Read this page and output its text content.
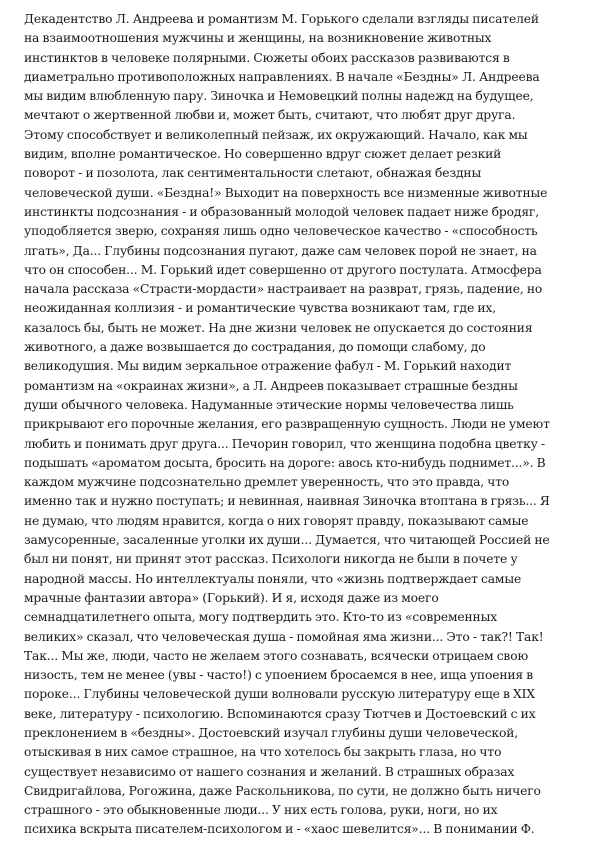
Декадентство Л. Андреева и романтизм М. Горького сделали взгляды писателей
на взаимоотношения мужчины и женщины, на возникновение животных
инстинктов в человеке полярными. Сюжеты обоих рассказов развиваются в
диаметрально противоположных направлениях. В начале «Бездны» Л. Андреева
мы видим влюбленную пару. Зиночка и Немовецкий полны надежд на будущее,
мечтают о жертвенной любви и, может быть, считают, что любят друг друга.
Этому способствует и великолепный пейзаж, их окружающий. Начало, как мы
видим, вполне романтическое. Но совершенно вдруг сюжет делает резкий
поворот - и позолота, лак сентиментальности слетают, обнажая бездны
человеческой души. «Бездна!» Выходит на поверхность все низменные животные
инстинкты подсознания - и образованный молодой человек падает ниже бродяг,
уподобляется зверю, сохраняя лишь одно человеческое качество - «способность
лгать», Да... Глубины подсознания пугают, даже сам человек порой не знает, на
что он способен... М. Горький идет совершенно от другого постулата. Атмосфера
начала рассказа «Страсти-мордасти» настраивает на разврат, грязь, падение, но
неожиданная коллизия - и романтические чувства возникают там, где их,
казалось бы, быть не может. На дне жизни человек не опускается до состояния
животного, а даже возвышается до сострадания, до помощи слабому, до
великодушия. Мы видим зеркальное отражение фабул - М. Горький находит
романтизм на «окраинах жизни», а Л. Андреев показывает страшные бездны
души обычного человека. Надуманные этические нормы человечества лишь
прикрывают его порочные желания, его развращенную сущность. Люди не умеют
любить и понимать друг друга... Печорин говорил, что женщина подобна цветку -
подышать «ароматом досыта, бросить на дороге: авось кто-нибудь поднимет...». В
каждом мужчине подсознательно дремлет уверенность, что это правда, что
именно так и нужно поступать; и невинная, наивная Зиночка втоптана в грязь... Я
не думаю, что людям нравится, когда о них говорят правду, показывают самые
замусоренные, засаленные уголки их души... Думается, что читающей Россией не
был ни понят, ни принят этот рассказ. Психологи никогда не были в почете у
народной массы. Но интеллектуалы поняли, что «жизнь подтверждает самые
мрачные фантазии автора» (Горький). И я, исходя даже из моего
семнадцатилетнего опыта, могу подтвердить это. Кто-то из «современных
великих» сказал, что человеческая душа - помойная яма жизни... Это - так?! Так!
Так... Мы же, люди, часто не желаем этого сознавать, всячески отрицаем свою
низость, тем не менее (увы - часто!) с упоением бросаемся в нее, ища упоения в
пороке... Глубины человеческой души волновали русскую литературу еще в XIX
веке, литературу - психологию. Вспоминаются сразу Тютчев и Достоевский с их
преклонением в «бездны». Достоевский изучал глубины души человеческой,
отыскивая в них самое страшное, на что хотелось бы закрыть глаза, но что
существует независимо от нашего сознания и желаний. В страшных образах
Свидригайлова, Рогожина, даже Раскольникова, по сути, не должно быть ничего
страшного - это обыкновенные люди... У них есть голова, руки, ноги, но их
психика вскрыта писателем-психологом и - «хаос шевелится»... В понимании Ф.
